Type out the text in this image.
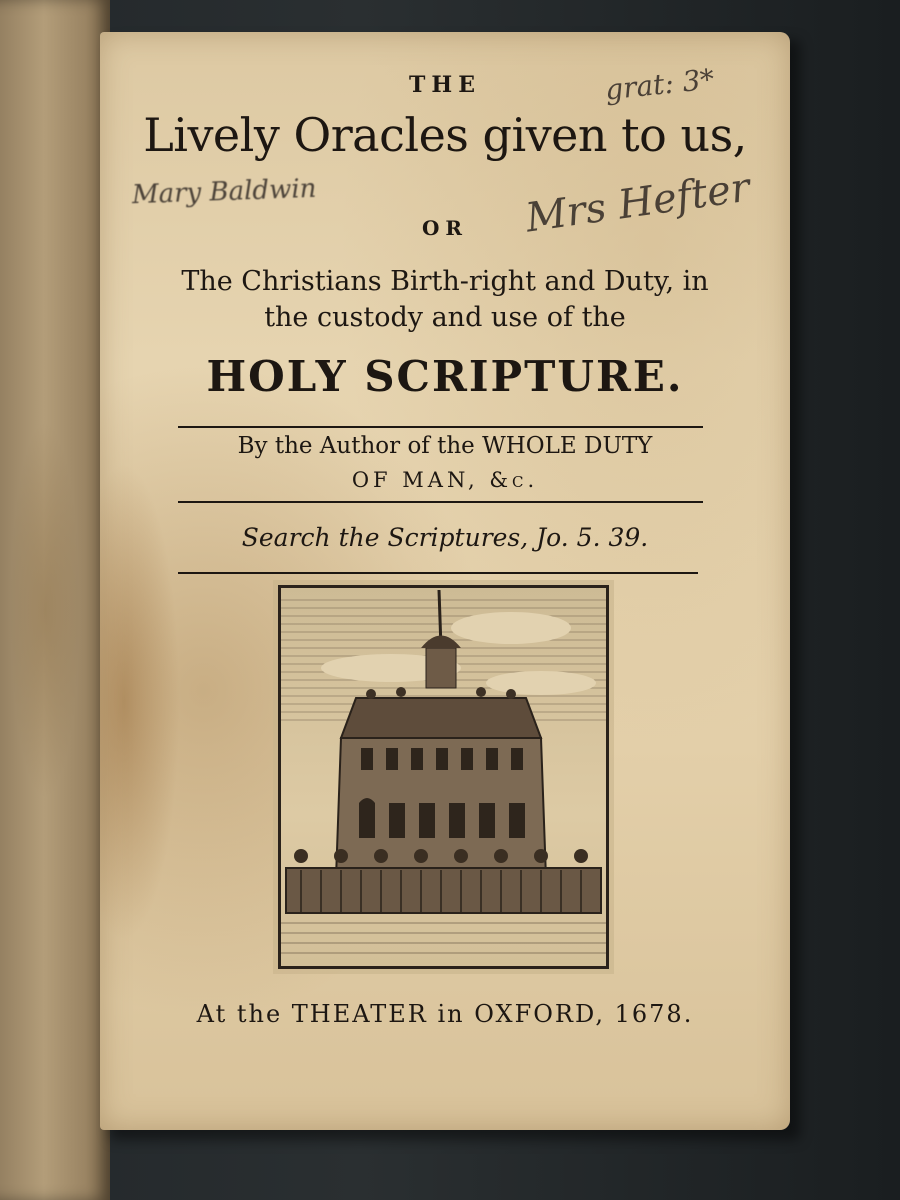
THE
Lively Oracles given to us,
OR
The Christians Birth-right and Duty, in
the custody and use of the
HOLY SCRIPTURE.
By the Author of the WHOLE DUTY
OF MAN, &c.
Search the Scriptures, Jo. 5. 39.
At the THEATER in OXFORD, 1678.
Mary Baldwin
grat: 3*
Mrs Hefter
